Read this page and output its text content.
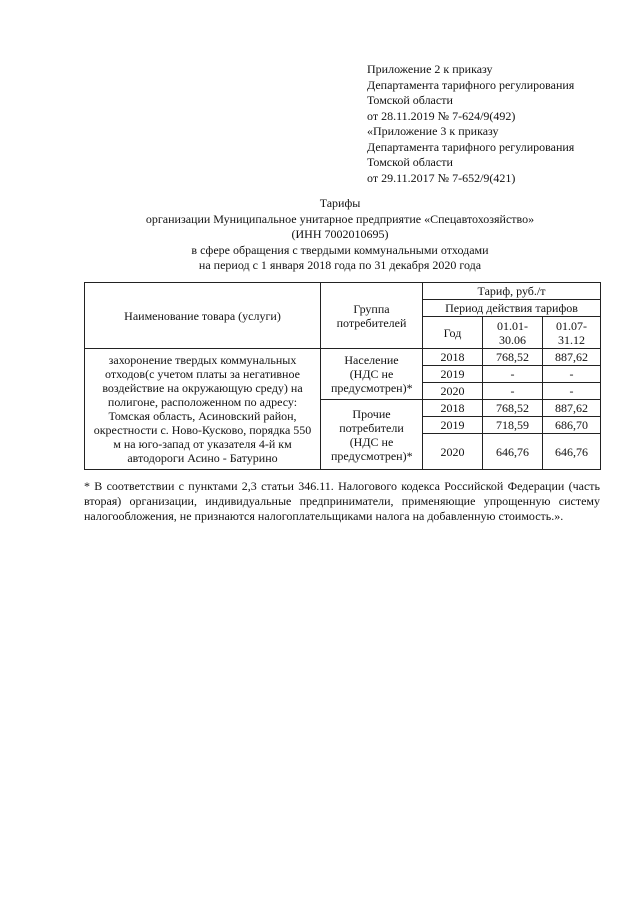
Приложение 2 к приказу
Департамента тарифного регулирования
Томской области
от 28.11.2019 № 7-624/9(492)
«Приложение 3 к приказу
Департамента тарифного регулирования
Томской области
от 29.11.2017 № 7-652/9(421)
Тарифы
организации Муниципальное унитарное предприятие «Спецавтохозяйство»
(ИНН 7002010695)
в сфере обращения с твердыми коммунальными отходами
на период с 1 января 2018 года по 31 декабря 2020 года
Наименование товара (услуги)	Группа потребителей	Тариф, руб./т		
		Период действия тарифов		
		Год	01.01-30.06	01.07-31.12
захоронение твердых коммунальных отходов(с учетом платы за негативное воздействие на окружающую среду) на полигоне, расположенном по адресу: Томская область, Асиновский район, окрестности с. Ново-Кусково, порядка 550 м на юго-запад от указателя 4-й км автодороги Асино - Батурино	Население (НДС не предусмотрен)*	2018	768,52	887,62
		2019	-	-
		2020	-	-
	Прочие потребители (НДС не предусмотрен)*	2018	768,52	887,62
		2019	718,59	686,70
		2020	646,76	646,76
* В соответствии с пунктами 2,3 статьи 346.11. Налогового кодекса Российской Федерации (часть вторая) организации, индивидуальные предприниматели, применяющие упрощенную систему налогообложения, не признаются налогоплательщиками налога на добавленную стоимость.».
